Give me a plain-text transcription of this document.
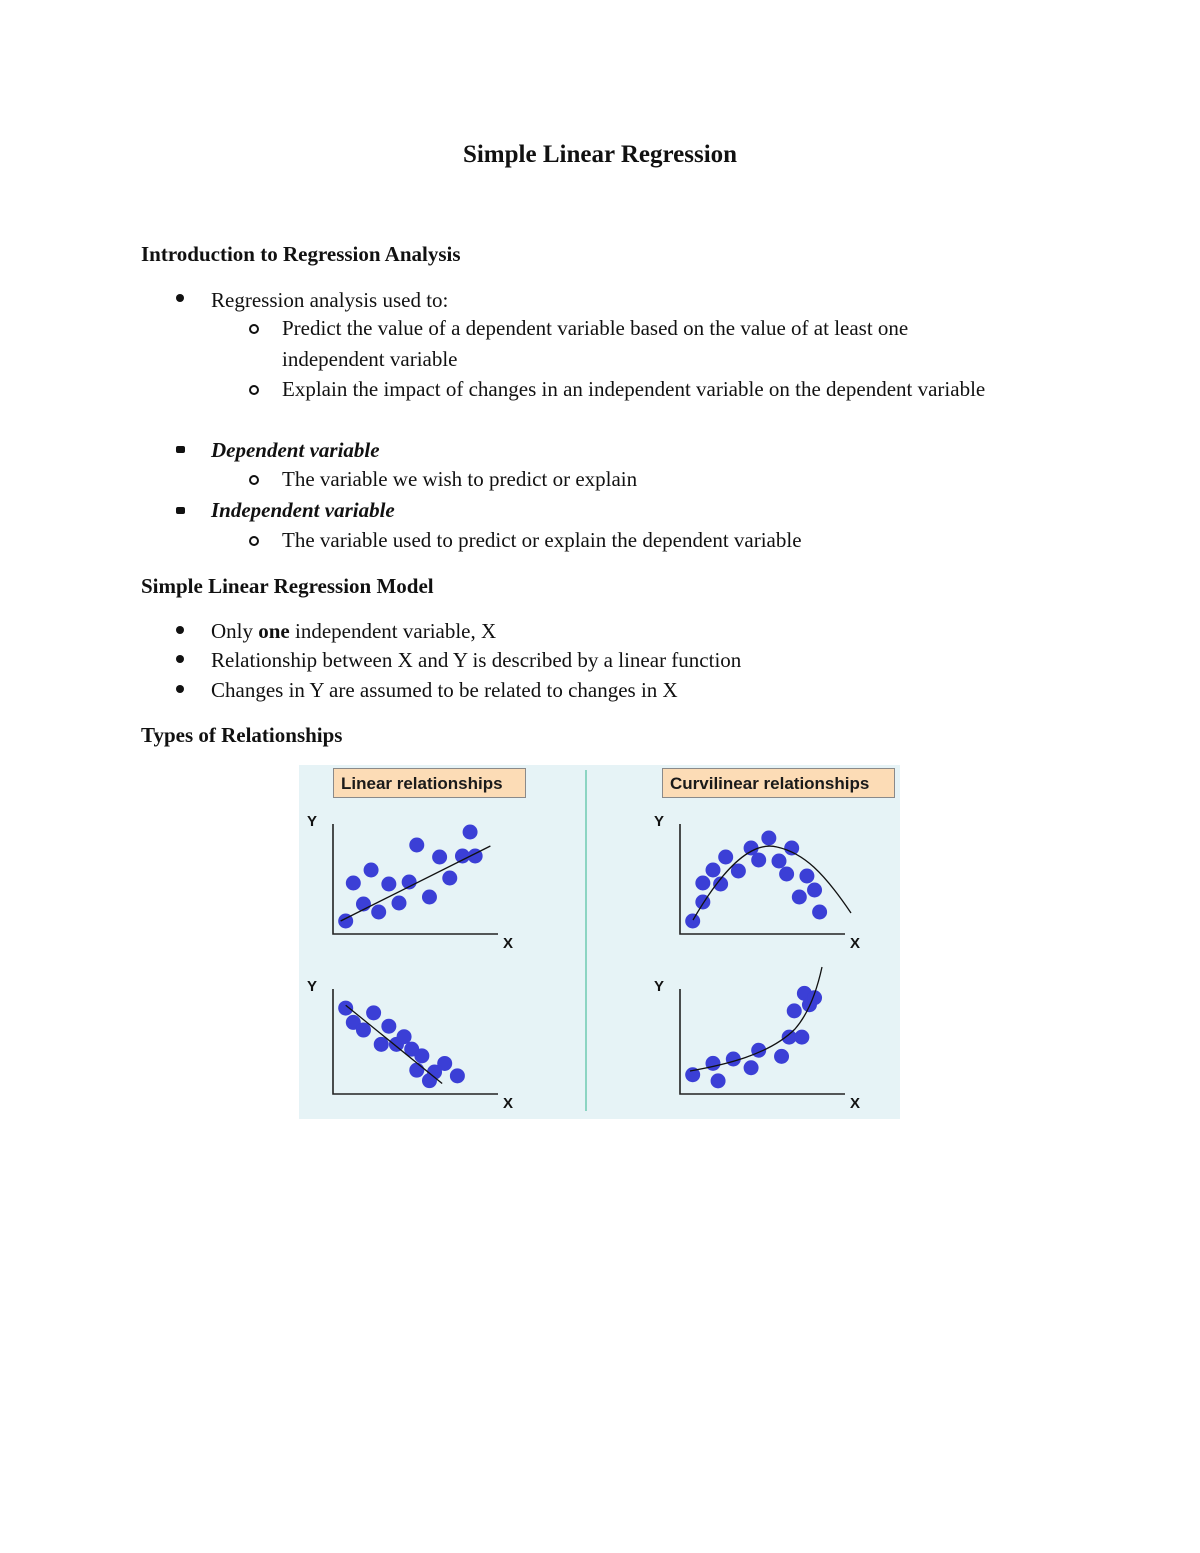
Simple Linear Regression
Introduction to Regression Analysis

Regression analysis used to:

Predict the value of a dependent variable based on the value of at least one independent variable

Explain the impact of changes in an independent variable on the dependent variable

Dependent variable

The variable we wish to predict or explain

Independent variable

The variable used to predict or explain the dependent variable

Simple Linear Regression Model

Only one independent variable, X

Relationship between X and Y is described by a linear function

Changes in Y are assumed to be related to changes in X

Types of Relationships
Y
X
Y
X
Y
X
Y
X
Linear relationships	Curvilinear relationships
